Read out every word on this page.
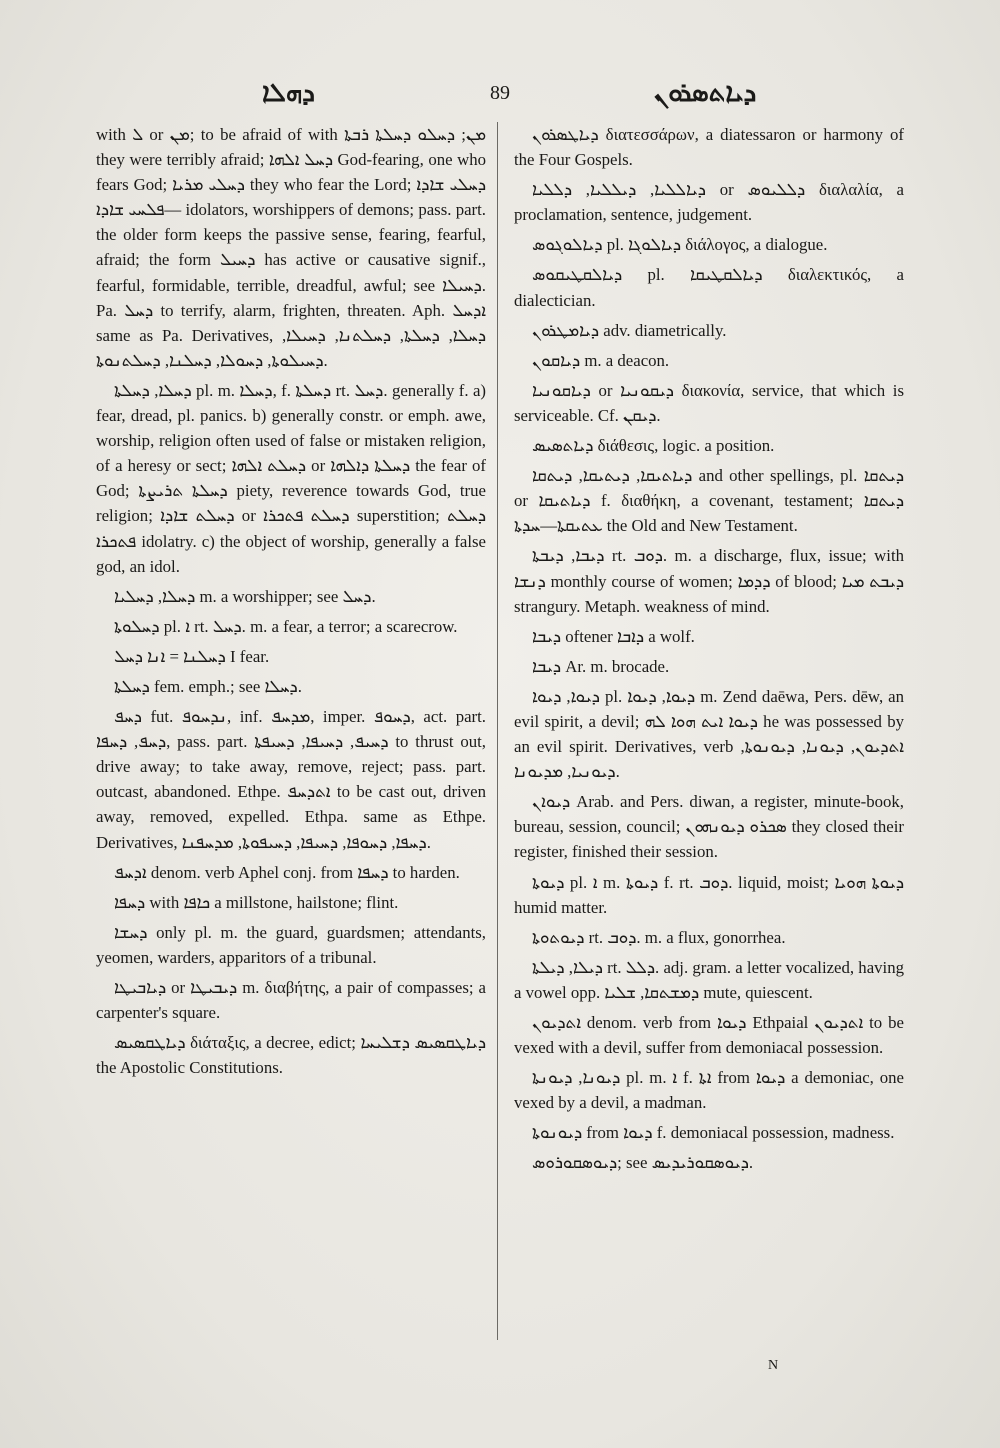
ܕܗܠܐ	89	ܕܝܐܬܣܪܘܢ

with ܠ or ܡܢ; to be afraid of with ܡܢ; ܕܚܠܘ ܕܚܠܬܐ ܪܒܬܐ they were terribly afraid; ܕܚܠ ܐܠܗܐ God-fearing, one who fears God; ܕܚܠܝ ܡܪܝܐ they who fear the Lord; ܕܚܠܝ ܫܐܕܐ—ܦܠܚܝ ܫܐܕܐ idolators, worshippers of demons; pass. part. the older form keeps the passive sense, fearing, fearful, afraid; the form ܕܚܝܠ has active or causative signif., fearful, formidable, terrible, dreadful, awful; see ܕܚܝܠܐ. Pa. ܕܚܠ to terrify, alarm, frighten, threaten. Aph. ܐܕܚܠ same as Pa. Derivatives, ܕܚܠܐ, ܕܚܠܬܐ, ܕܚܠܬܢܐ, ܕܚܝܠܐ, ܕܚܝܠܘܬܐ, ܕܚܘܠܐ, ܕܚܠܢܐ, ܕܚܠܬܢܘܬܐ.

ܕܚܠܐ, ܕܚܠܬܐ pl. m. ܕܚܠܐ, f. ܕܚܠܬܐ rt. ܕܚܠ. generally f. a) fear, dread, pl. panics. b) generally constr. or emph. awe, worship, religion often used of false or mistaken religion, of a heresy or sect; ܕܚܠܬ ܐܠܗܐ or ܕܚܠܬܐ ܕܐܠܗܐ the fear of God; ܕܚܠܬܐ ܬܪܝܨܬܐ piety, reverence towards God, true religion; ܕܚܠܬ ܫܐܕܐ or ܕܚܠܬ ܦܬܟܪܐ superstition; ܕܚܠܬ ܦܬܟܪܐ idolatry. c) the object of worship, generally a false god, an idol.

ܕܚܠܐ, ܕܚܠܝܐ m. a worshipper; see ܕܚܠ.

ܕܚܠܘܬܐ pl. ܐ rt. ܕܚܠ. m. a fear, a terror; a scarecrow.

ܕܚܠܢܐ = ܐܢܐ ܕܚܠ I fear.

ܕܚܠܬܐ fem. emph.; see ܕܚܠܐ.

ܕܚܦ fut. ܢܕܚܘܦ, inf. ܡܕܚܦ, imper. ܕܚܘܦ, act. part. ܕܚܦ, ܕܚܦܐ, pass. part. ܕܚܝܦ, ܕܚܝܦܐ, ܕܚܝܦܬܐ to thrust out, drive away; to take away, remove, reject; pass. part. outcast, abandoned. Ethpe. ܐܬܕܚܦ to be cast out, driven away, removed, expelled. Ethpa. same as Ethpe. Derivatives, ܕܚܦܐ, ܕܚܘܦܐ, ܕܚܝܦܐ, ܕܚܝܦܘܬܐ, ܡܕܚܦܢܐ.

ܐܕܚܦ denom. verb Aphel conj. from ܕܚܦܐ to harden.

ܕܚܦܐ with ܟܐܦܐ a millstone, hailstone; flint.

ܕܚܫܐ only pl. m. the guard, guardsmen; attendants, yeomen, warders, apparitors of a tribunal.

ܕܝܐܒܝܛܐ or ܕܝܒܝܛܐ m. διαβήτης, a pair of compasses; a carpenter's square.

ܕܝܐܛܩܣܝܣ διάταξις, a decree, edict; ܕܝܐܛܩܣܝܣ ܕܫܠܝܚܐ the Apostolic Constitutions.

ܕܝܐܛܣܪܘܢ διατεσσάρων, a diatessaron or harmony of the Four Gospels.

ܕܝܐܠܠܝܐ, ܕܝܠܠܝܐ, ܕܠܠܝܐ or ܕܠܠܝܘܣ διαλαλία, a proclamation, sentence, judgement.

ܕܝܐܠܘܓܘܣ pl. ܕܝܐܠܘܓܐ διάλογος, a dialogue.

ܕܝܐܠܩܛܝܩܘܣ pl. ܕܝܐܠܩܛܝܩܐ διαλεκτικός, a dialectician.

ܕܝܐܡܛܪܘܢ adv. diametrically.

ܕܝܐܩܘܢ m. a deacon.

ܕܝܐܩܘܢܝܐ or ܕܝܩܘܢܝܐ διακονία, service, that which is serviceable. Cf. ܕܝܩܢ.

ܕܝܐܬܣܝܣ διάθεσις, logic. a position.

ܕܝܐܬܝܩܐ, ܕܝܬܝܩܐ, ܕܝܬܩܐ and other spellings, pl. ܕܝܬܩܐ or ܕܝܐܬܝܩܐ f. διαθήκη, a covenant, testament; ܕܝܬܩܐ ܥܬܝܩܬܐ—ܚܕܬܐ the Old and New Testament.

ܕܝܒܐ, ܕܝܒܬܐ rt. ܕܘܒ. m. a discharge, flux, issue; with ܕܢܫܐ monthly course of women; ܕܕܡܐ of blood; ܕܝܒܬ ܡܝܐ strangury. Metaph. weakness of mind.

ܕܝܒܐ oftener ܕܐܒܐ a wolf.

ܕܝܒܐ Ar. m. brocade.

ܕܝܘܐ, ܕܝܘܐ pl. ܕܝܘܐ, ܕܝܘܐ m. Zend daēwa, Pers. dēw, an evil spirit, a devil; ܕܝܘܐ ܐܝܬ ܗܘܐ ܠܗ he was possessed by an evil spirit. Derivatives, verb ܐܬܕܝܘܢ, ܕܝܘܢܐ, ܕܝܘܢܘܬܐ, ܕܝܘܢܝܐ, ܡܕܝܘܢܐ.

ܕܝܘܐܢ Arab. and Pers. diwan, a register, minute-book, bureau, session, council; ܣܟܪܘ ܕܝܘܢܗܘܢ they closed their register, finished their session.

ܕܝܘܬܐ pl. ܐ m. ܕܝܘܬܐ f. rt. ܕܘܒ. liquid, moist; ܕܝܘܬܐ ܗܘܝܐ humid matter.

ܕܝܘܬܘܬܐ rt. ܕܘܒ. m. a flux, gonorrhea.

ܕܝܠܐ, ܕܝܠܬܐ rt. ܕܠܠ. adj. gram. a letter vocalized, having a vowel opp. ܕܡܫܬܩܐ, ܫܠܝܐ mute, quiescent.

ܐܬܕܝܘܢ denom. verb from ܕܝܘܐ Ethpaial ܐܬܕܝܘܢ to be vexed with a devil, suffer from demoniacal possession.

ܕܝܘܢܐ, ܕܝܘܢܬܐ pl. m. ܐ f. ܐܬܐ from ܕܝܘܐ a demoniac, one vexed by a devil, a madman.

ܕܝܘܢܘܬܐ from ܕܝܘܐ f. demoniacal possession, madness.

ܕܝܘܣܩܘܪܘܣ; see ܕܝܘܣܩܘܪܝܕܝܣ.

N
